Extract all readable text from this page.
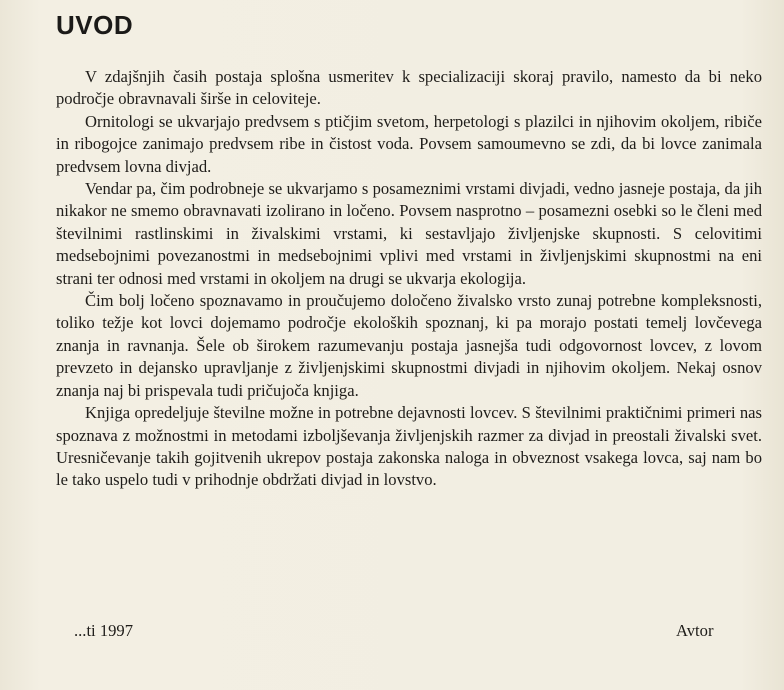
UVOD

V zdajšnjih časih postaja splošna usmeritev k specializaciji skoraj pravilo, namesto da bi neko področje obravnavali širše in celoviteje.

Ornitologi se ukvarjajo predvsem s ptičjim svetom, herpetologi s plazilci in njihovim okoljem, ribiče in ribogojce zanimajo predvsem ribe in čistost voda. Povsem samoumevno se zdi, da bi lovce zanimala predvsem lovna divjad.

Vendar pa, čim podrobneje se ukvarjamo s posameznimi vrstami divjadi, vedno jasneje postaja, da jih nikakor ne smemo obravnavati izolirano in ločeno. Povsem nasprotno – posamezni osebki so le členi med številnimi rastlinskimi in živalskimi vrstami, ki sestavljajo življenjske skupnosti. S celovitimi medsebojnimi povezanostmi in medsebojnimi vplivi med vrstami in življenjskimi skupnostmi na eni strani ter odnosi med vrstami in okoljem na drugi se ukvarja ekologija.

Čim bolj ločeno spoznavamo in proučujemo določeno živalsko vrsto zunaj potrebne kompleksnosti, toliko težje kot lovci dojemamo področje ekoloških spoznanj, ki pa morajo postati temelj lovčevega znanja in ravnanja. Šele ob širokem razumevanju postaja jasnejša tudi odgovornost lovcev, z lovom prevzeto in dejansko upravljanje z življenjskimi skupnostmi divjadi in njihovim okoljem. Nekaj osnov znanja naj bi prispevala tudi pričujoča knjiga.

Knjiga opredeljuje številne možne in potrebne dejavnosti lovcev. S številnimi praktičnimi primeri nas spoznava z možnostmi in metodami izboljševanja življenjskih razmer za divjad in preostali živalski svet. Uresničevanje takih gojitvenih ukrepov postaja zakonska naloga in obveznost vsakega lovca, saj nam bo le tako uspelo tudi v prihodnje obdržati divjad in lovstvo.

...ti 1997	Avtor
